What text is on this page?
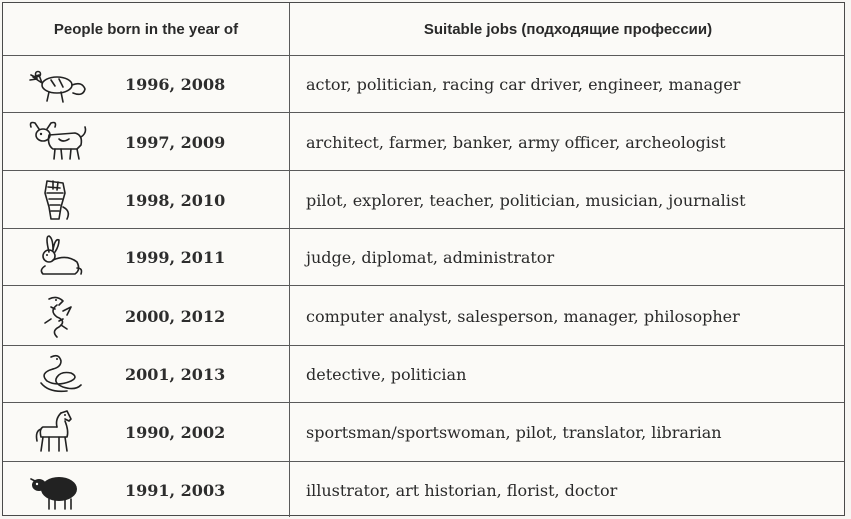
People born in the year of	Suitable jobs (подходящие профессии)
1996, 2008	actor, politician, racing car driver, engineer, manager
1997, 2009	architect, farmer, banker, army officer, archeologist
1998, 2010	pilot, explorer, teacher, politician, musician, journalist
1999, 2011	judge, diplomat, administrator
2000, 2012	computer analyst, salesperson, manager, philosopher
2001, 2013	detective, politician
1990, 2002	sportsman/sportswoman, pilot, translator, librarian
1991, 2003	illustrator, art historian, florist, doctor
